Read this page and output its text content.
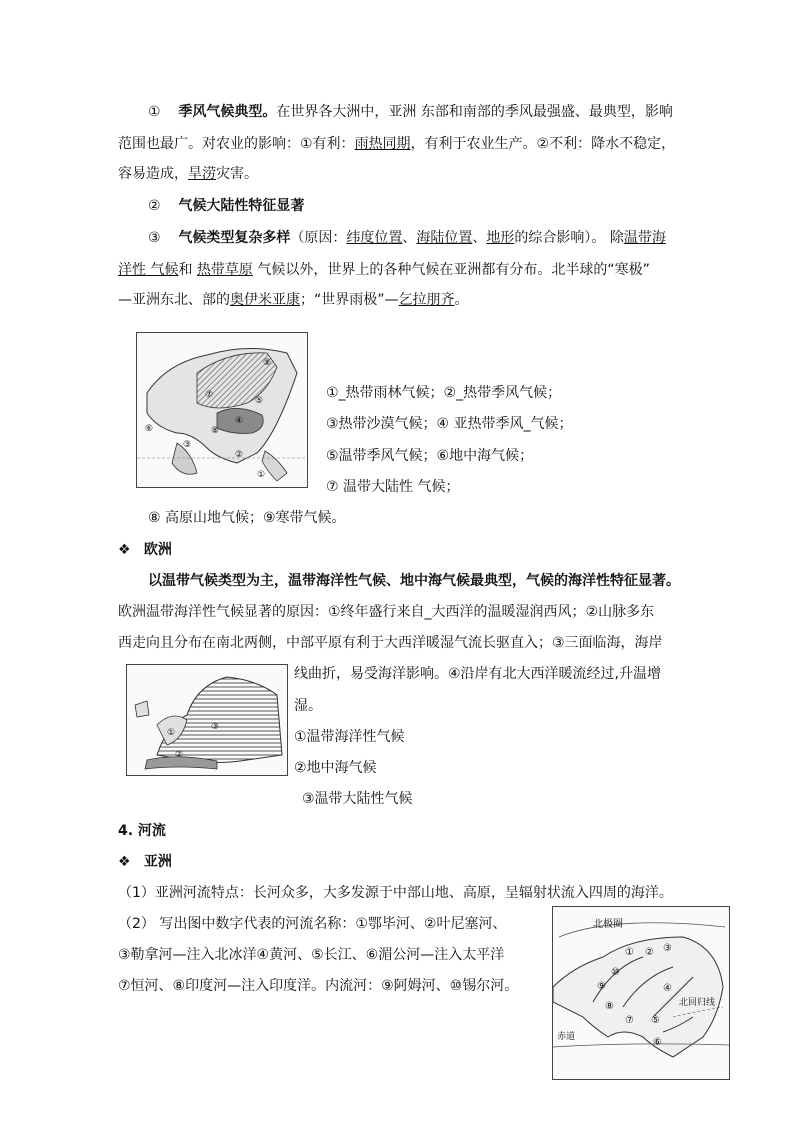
① 季风气候典型。在世界各大洲中，亚洲 东部和南部的季风最强盛、最典型，影响
范围也最广。对农业的影响：①有利：雨热同期，有利于农业生产。②不利：降水不稳定，
容易造成，旱涝灾害。
② 气候大陆性特征显著
③ 气候类型复杂多样（原因：纬度位置、海陆位置、地形的综合影响）。 除温带海
洋性 气候和 热带草原 气候以外，世界上的各种气候在亚洲都有分布。北半球的“寒极”
—亚洲东北、部的奥伊米亚康；“世界雨极”—乞拉朋齐。
⑦
⑤
④
⑧
③
⑥
②
①
⑨
①_热带雨林气候；②_热带季风气候；
③热带沙漠气候；④ 亚热带季风_气候；
⑤温带季风气候；⑥地中海气候；
⑦ 温带大陆性 气候；
⑧ 高原山地气候；⑨寒带气候。
❖ 欧洲
以温带气候类型为主，温带海洋性气候、地中海气候最典型，气候的海洋性特征显著。
欧洲温带海洋性气候显著的原因：①终年盛行来自_大西洋的温暖湿润西风；②山脉多东
西走向且分布在南北两侧，中部平原有利于大西洋暖湿气流长驱直入；③三面临海，海岸
①
②
③
线曲折，易受海洋影响。④沿岸有北大西洋暖流经过,升温增
湿。
①温带海洋性气候
②地中海气候
③温带大陆性气候
4. 河流
❖ 亚洲
（1）亚洲河流特点：长河众多，大多发源于中部山地、高原，呈辐射状流入四周的海洋。
（2） 写出图中数字代表的河流名称：①鄂毕河、②叶尼塞河、
③勒拿河—注入北冰洋④黄河、⑤长江、⑥湄公河—注入太平洋
⑦恒河、⑧印度河—注入印度洋。内流河：⑨阿姆河、⑩锡尔河。
北极圈
北回归线
赤道
① ② ③
⑩
⑨	④
⑧
⑦ ⑤
⑥
